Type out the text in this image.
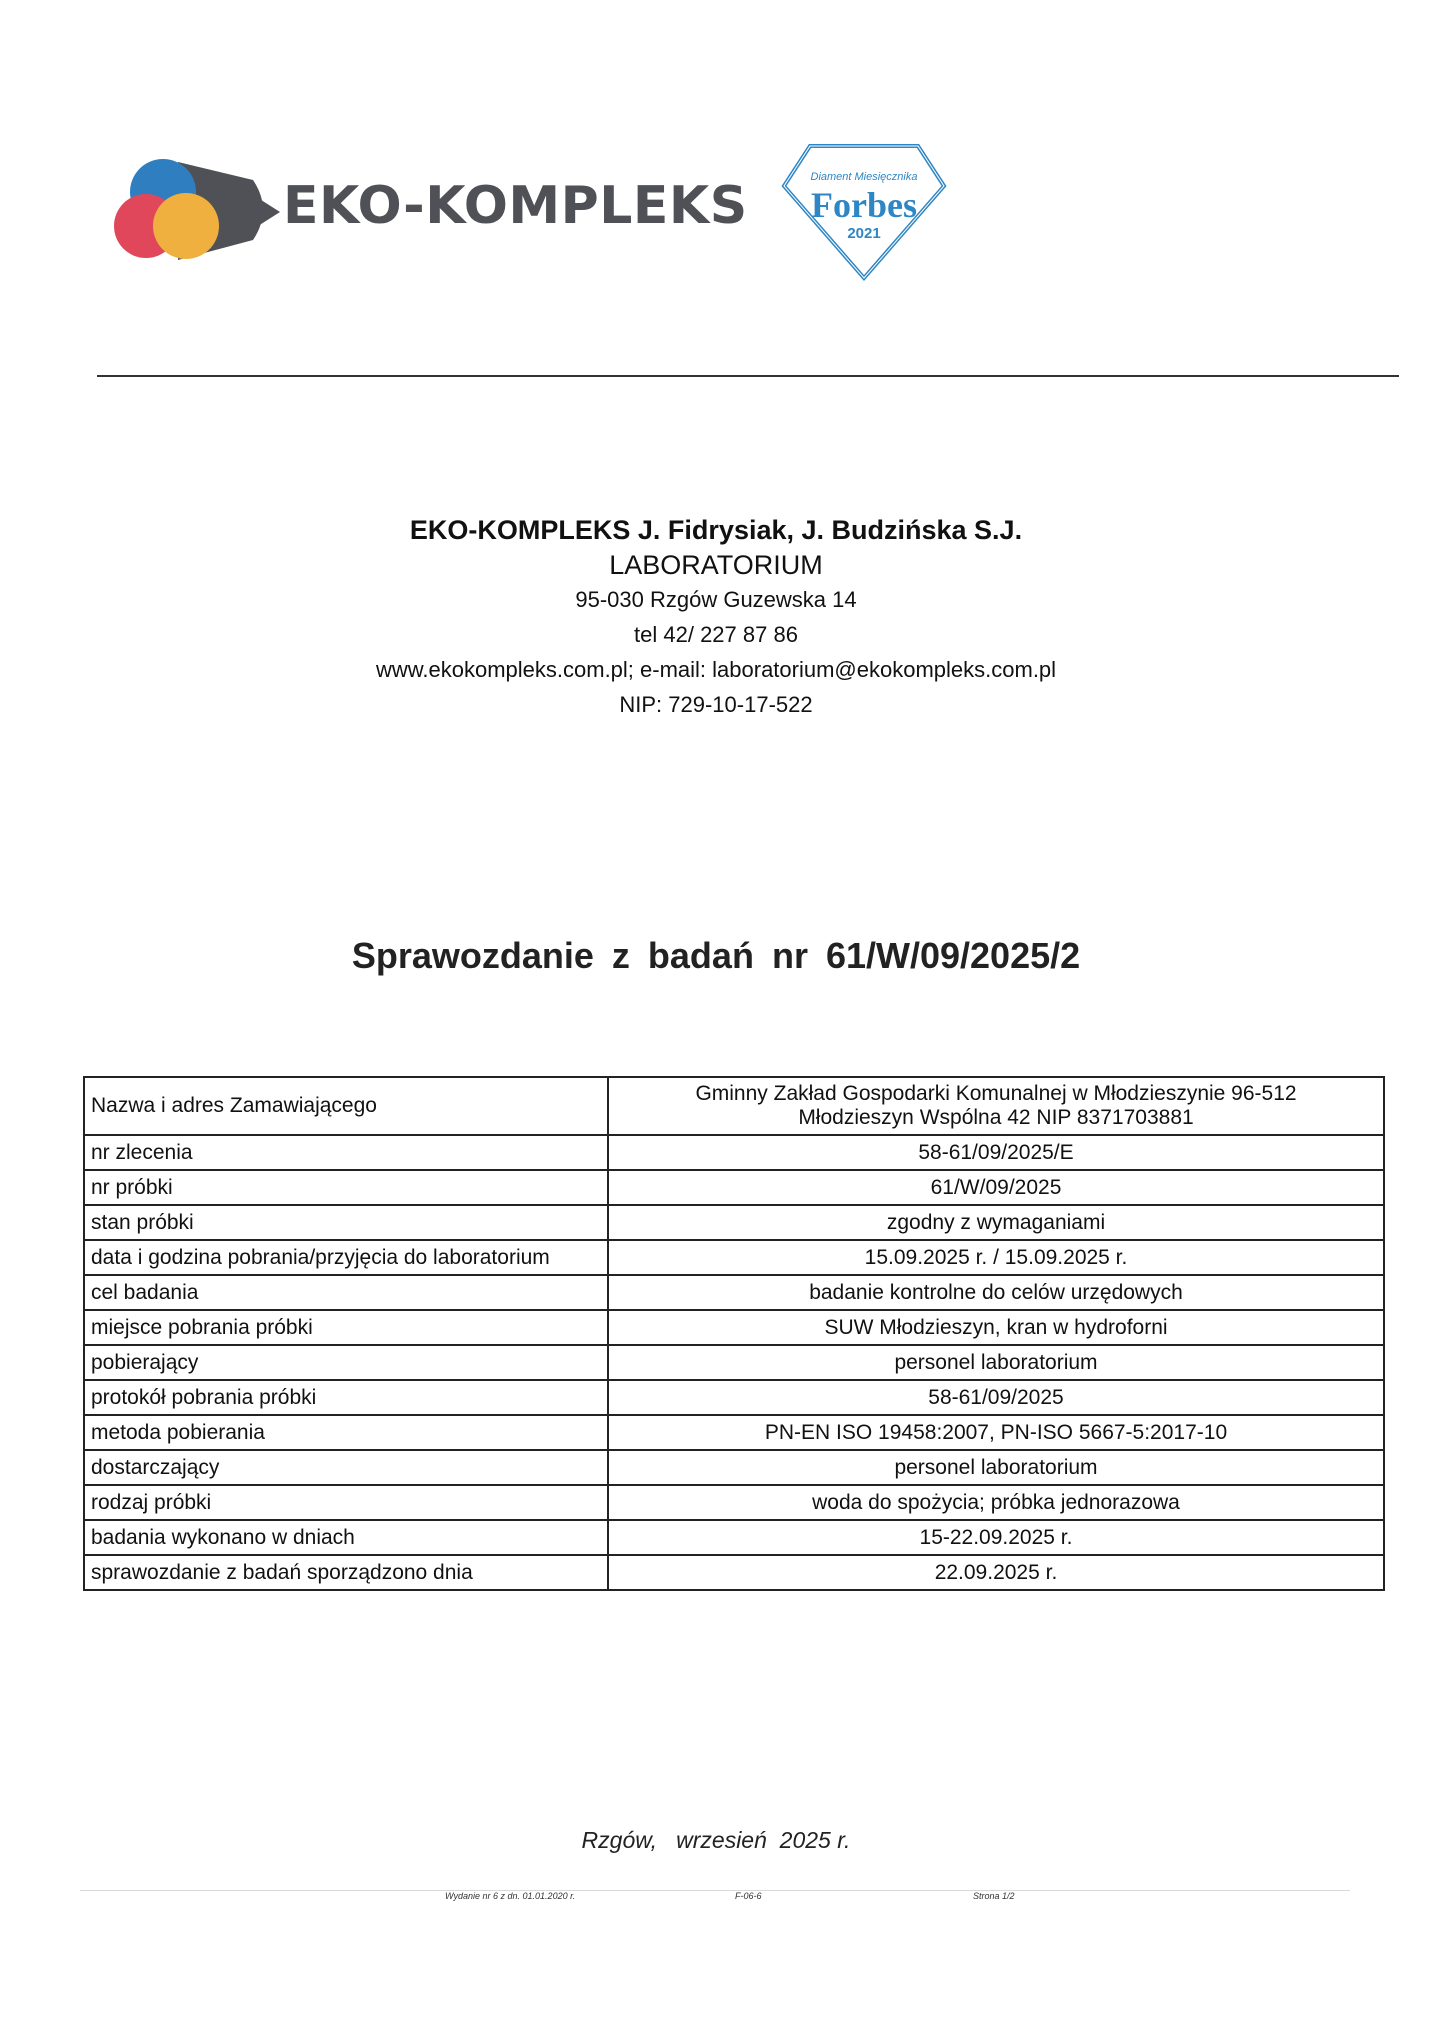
EKO-KOMPLEKS	Diament Miesięcznika
Forbes
2021
EKO-KOMPLEKS J. Fidrysiak, J. Budzińska S.J.
LABORATORIUM
95-030 Rzgów Guzewska 14
tel 42/ 227 87 86
www.ekokompleks.com.pl; e-mail: laboratorium@ekokompleks.com.pl
NIP: 729-10-17-522
Sprawozdanie z badań nr 61/W/09/2025/2
Nazwa i adres Zamawiającego	Gminny Zakład Gospodarki Komunalnej w Młodzieszynie 96-512
Młodzieszyn Wspólna 42 NIP 8371703881

nr zlecenia	58-61/09/2025/E
nr próbki	61/W/09/2025
stan próbki	zgodny z wymaganiami
data i godzina pobrania/przyjęcia do laboratorium	15.09.2025 r. / 15.09.2025 r.
cel badania	badanie kontrolne do celów urzędowych
miejsce pobrania próbki	SUW Młodzieszyn, kran w hydroforni
pobierający	personel laboratorium
protokół pobrania próbki	58-61/09/2025
metoda pobierania	PN-EN ISO 19458:2007, PN-ISO 5667-5:2017-10
dostarczający	personel laboratorium
rodzaj próbki	woda do spożycia; próbka jednorazowa
badania wykonano w dniach	15-22.09.2025 r.
sprawozdanie z badań sporządzono dnia	22.09.2025 r.
Rzgów,   wrzesień  2025 r.
Wydanie nr 6 z dn. 01.01.2020 r.	F-06-6	Strona 1/2
